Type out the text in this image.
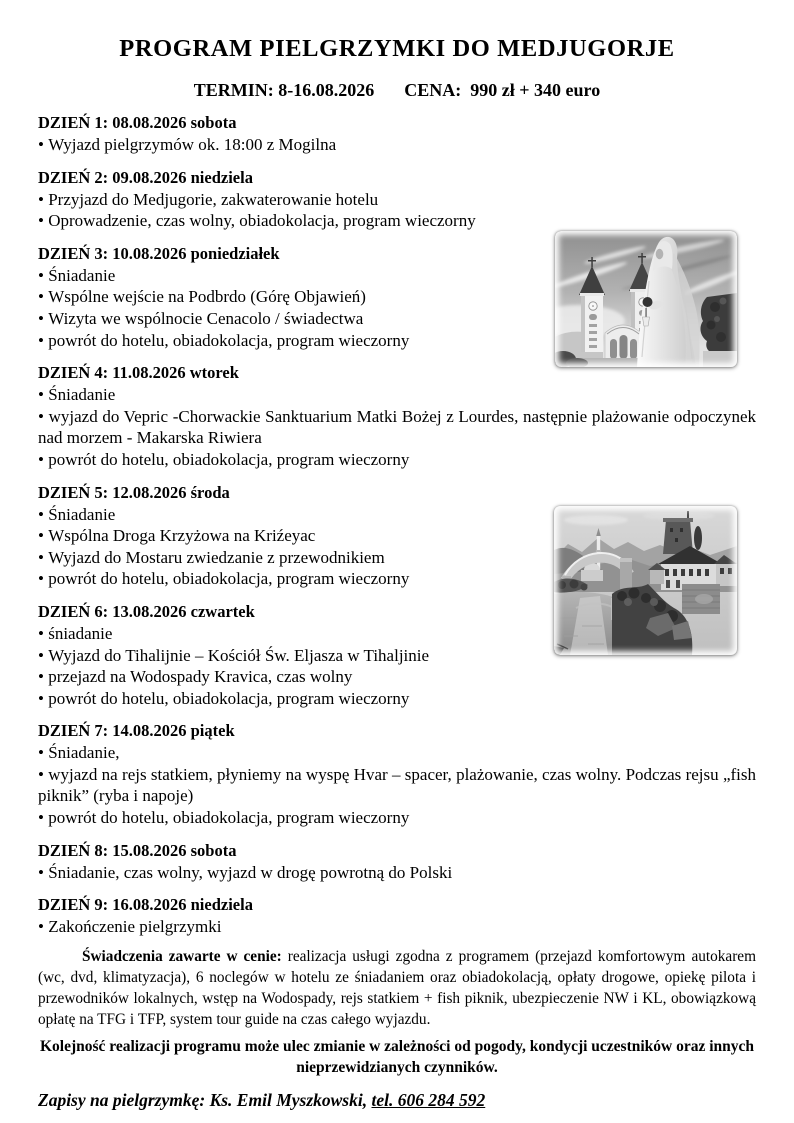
PROGRAM PIELGRZYMKI DO MEDJUGORJE
TERMIN: 8-16.08.2026 CENA:  990 zł + 340 euro
DZIEŃ 1: 08.08.2026 sobota

• Wyjazd pielgrzymów ok. 18:00 z Mogilna

DZIEŃ 2: 09.08.2026 niedziela

• Przyjazd do Medjugorie, zakwaterowanie hotelu

• Oprowadzenie, czas wolny, obiadokolacja, program wieczorny

DZIEŃ 3: 10.08.2026 poniedziałek

• Śniadanie

• Wspólne wejście na Podbrdo (Górę Objawień)

• Wizyta we wspólnocie Cenacolo / świadectwa

• powrót do hotelu, obiadokolacja, program wieczorny

DZIEŃ 4: 11.08.2026 wtorek

• Śniadanie

• wyjazd do Vepric -Chorwackie Sanktuarium Matki Bożej z Lourdes, następnie plażowanie odpoczynek nad morzem - Makarska Riwiera

• powrót do hotelu, obiadokolacja, program wieczorny

DZIEŃ 5: 12.08.2026 środa

• Śniadanie

• Wspólna Droga Krzyżowa na Kriźeyac

• Wyjazd do Mostaru zwiedzanie z przewodnikiem

• powrót do hotelu, obiadokolacja, program wieczorny

DZIEŃ 6: 13.08.2026 czwartek

• śniadanie

• Wyjazd do Tihalijnie – Kościół Św. Eljasza w Tihaljinie

• przejazd na Wodospady Kravica, czas wolny

• powrót do hotelu, obiadokolacja, program wieczorny

DZIEŃ 7: 14.08.2026 piątek

• Śniadanie,

• wyjazd na rejs statkiem, płyniemy na wyspę Hvar – spacer, plażowanie, czas wolny. Podczas rejsu „fish piknik” (ryba i napoje)

• powrót do hotelu, obiadokolacja, program wieczorny

DZIEŃ 8: 15.08.2026 sobota

• Śniadanie, czas wolny, wyjazd w drogę powrotną do Polski

DZIEŃ 9: 16.08.2026 niedziela

• Zakończenie pielgrzymki

Świadczenia zawarte w cenie: realizacja usługi zgodna z programem (przejazd komfortowym autokarem (wc, dvd, klimatyzacja), 6 noclegów w hotelu ze śniadaniem oraz obiadokolacją, opłaty drogowe, opiekę pilota i przewodników lokalnych, wstęp na Wodospady, rejs statkiem + fish piknik, ubezpieczenie NW i KL, obowiązkową opłatę na TFG i TFP, system tour guide na czas całego wyjazdu.

Kolejność realizacji programu może ulec zmianie w zależności od pogody, kondycji uczestników oraz innych nieprzewidzianych czynników.

Zapisy na pielgrzymkę: Ks. Emil Myszkowski, tel. 606 284 592
